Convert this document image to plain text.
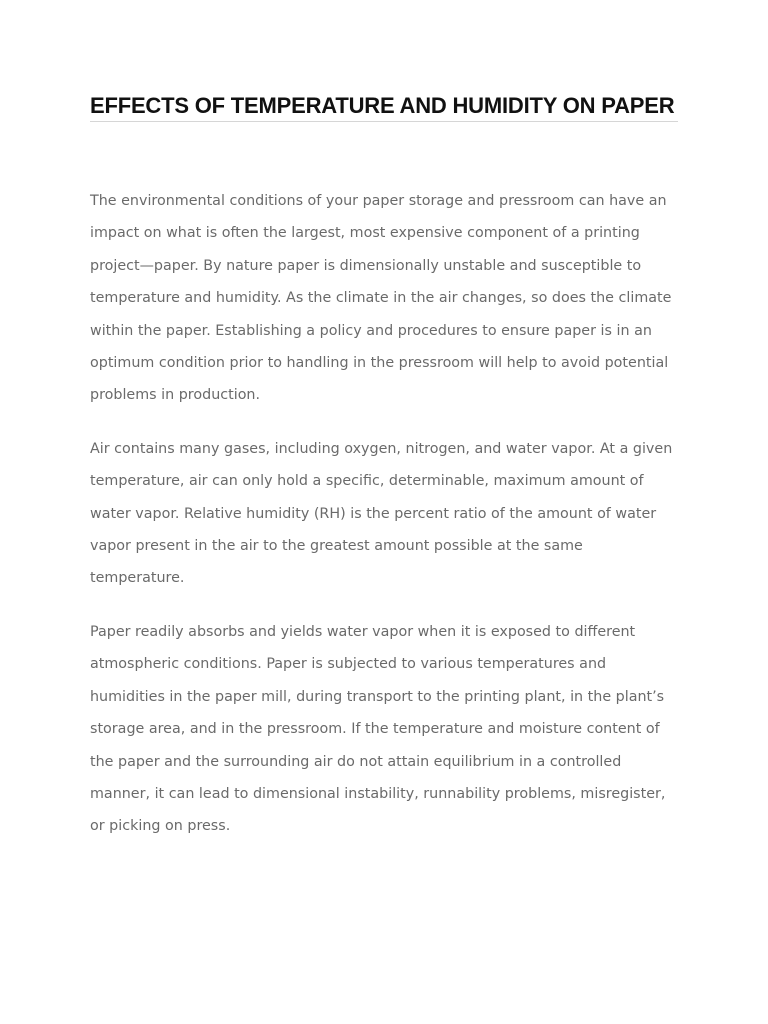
EFFECTS OF TEMPERATURE AND HUMIDITY ON PAPER

The environmental conditions of your paper storage and pressroom can have an impact on what is often the largest, most expensive component of a printing project—paper. By nature paper is dimensionally unstable and susceptible to temperature and humidity. As the climate in the air changes, so does the climate within the paper. Establishing a policy and procedures to ensure paper is in an optimum condition prior to handling in the pressroom will help to avoid potential problems in production.

Air contains many gases, including oxygen, nitrogen, and water vapor. At a given temperature, air can only hold a specific, determinable, maximum amount of water vapor. Relative humidity (RH) is the percent ratio of the amount of water vapor present in the air to the greatest amount possible at the same temperature.

Paper readily absorbs and yields water vapor when it is exposed to different atmospheric conditions. Paper is subjected to various temperatures and humidities in the paper mill, during transport to the printing plant, in the plant’s storage area, and in the pressroom. If the temperature and moisture content of the paper and the surrounding air do not attain equilibrium in a controlled manner, it can lead to dimensional instability, runnability problems, misregister, or picking on press.
